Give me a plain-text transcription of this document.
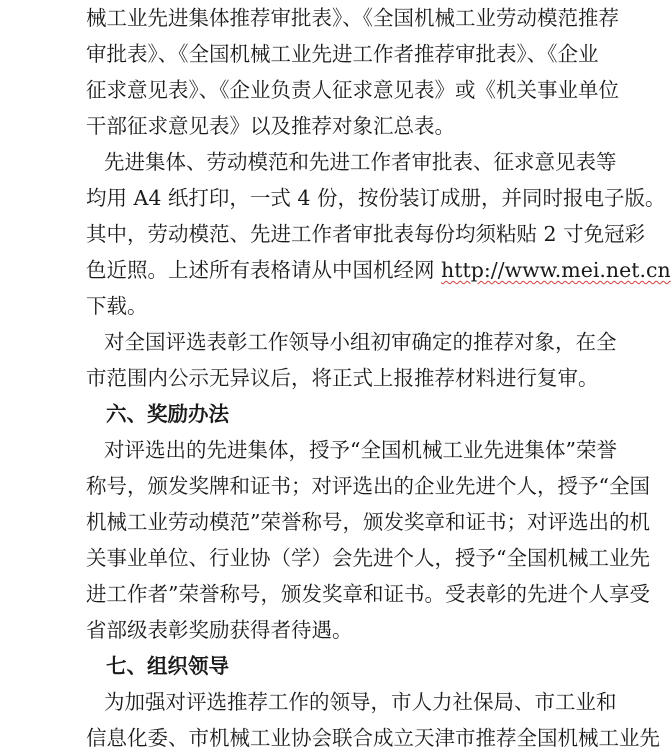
械工业先进集体推荐审批表》、《全国机械工业劳动模范推荐
审批表》、《全国机械工业先进工作者推荐审批表》、《企业
征求意见表》、《企业负责人征求意见表》或《机关事业单位
干部征求意见表》以及推荐对象汇总表。
先进集体、劳动模范和先进工作者审批表、征求意见表等
均用 A4 纸打印，一式 4 份，按份装订成册，并同时报电子版。
其中，劳动模范、先进工作者审批表每份均须粘贴 2 寸免冠彩
色近照。上述所有表格请从中国机经网 http://www.mei.net.cn
下载。
对全国评选表彰工作领导小组初审确定的推荐对象，在全
市范围内公示无异议后，将正式上报推荐材料进行复审。
六、奖励办法
对评选出的先进集体，授予“全国机械工业先进集体”荣誉
称号，颁发奖牌和证书；对评选出的企业先进个人，授予“全国
机械工业劳动模范”荣誉称号，颁发奖章和证书；对评选出的机
关事业单位、行业协（学）会先进个人，授予“全国机械工业先
进工作者”荣誉称号，颁发奖章和证书。受表彰的先进个人享受
省部级表彰奖励获得者待遇。
七、组织领导
为加强对评选推荐工作的领导，市人力社保局、市工业和
信息化委、市机械工业协会联合成立天津市推荐全国机械工业先
